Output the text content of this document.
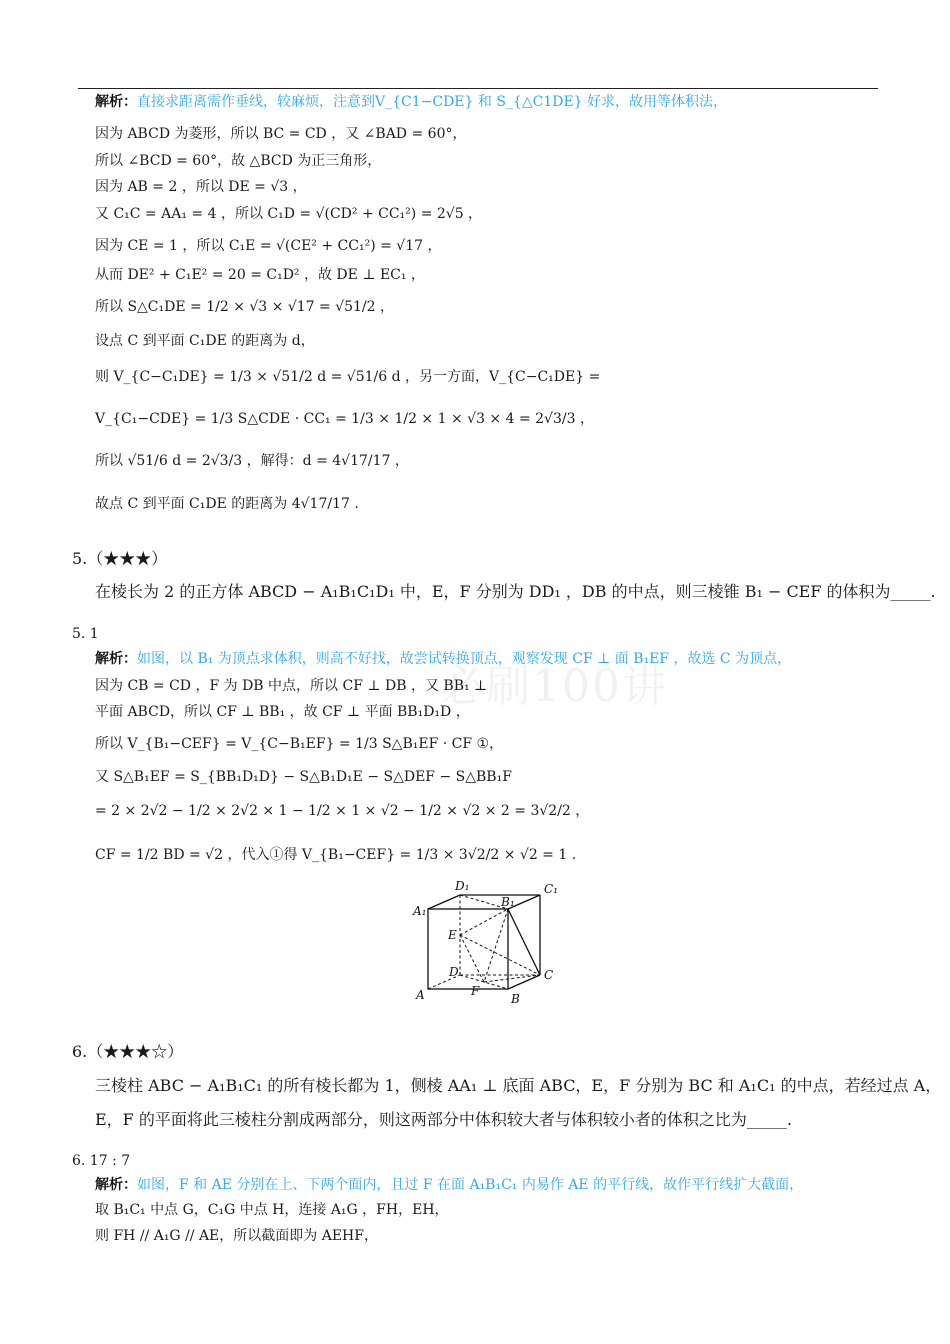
必刷100讲
解析：直接求距离需作垂线，较麻烦，注意到V_{C1−CDE} 和 S_{△C1DE} 好求，故用等体积法，
因为 ABCD 为菱形，所以 BC = CD ，又 ∠BAD = 60°，
所以 ∠BCD = 60°，故 △BCD 为正三角形，
因为 AB = 2 ，所以 DE = √3 ，
又 C₁C = AA₁ = 4 ，所以 C₁D = √(CD² + CC₁²) = 2√5 ，
因为 CE = 1 ，所以 C₁E = √(CE² + CC₁²) = √17 ，
从而 DE² + C₁E² = 20 = C₁D² ，故 DE ⊥ EC₁ ，
所以 S△C₁DE = 1/2 × √3 × √17 = √51/2 ，
设点 C 到平面 C₁DE 的距离为 d，
则 V_{C−C₁DE} = 1/3 × √51/2 d = √51/6 d ，另一方面，V_{C−C₁DE} =
V_{C₁−CDE} = 1/3 S△CDE · CC₁ = 1/3 × 1/2 × 1 × √3 × 4 = 2√3/3 ，
所以 √51/6 d = 2√3/3 ，解得：d = 4√17/17 ，
故点 C 到平面 C₁DE 的距离为 4√17/17 .
5.（★★★）
在棱长为 2 的正方体 ABCD − A₁B₁C₁D₁ 中，E，F 分别为 DD₁ ，DB 的中点，则三棱锥 B₁ − CEF 的体积为_____.
5. 1
解析：如图，以 B₁ 为顶点求体积，则高不好找，故尝试转换顶点，观察发现 CF ⊥ 面 B₁EF ，故选 C 为顶点，
因为 CB = CD ，F 为 DB 中点，所以 CF ⊥ DB ，又 BB₁ ⊥
平面 ABCD，所以 CF ⊥ BB₁ ，故 CF ⊥ 平面 BB₁D₁D ，
所以 V_{B₁−CEF} = V_{C−B₁EF} = 1/3 S△B₁EF · CF ①，
又 S△B₁EF = S_{BB₁D₁D} − S△B₁D₁E − S△DEF − S△BB₁F
= 2 × 2√2 − 1/2 × 2√2 × 1 − 1/2 × 1 × √2 − 1/2 × √2 × 2 = 3√2/2 ，
CF = 1/2 BD = √2 ，代入①得 V_{B₁−CEF} = 1/3 × 3√2/2 × √2 = 1 .
D₁	C₁
B₁
A₁
E
D	C
F
A	B
6.（★★★☆）
三棱柱 ABC − A₁B₁C₁ 的所有棱长都为 1，侧棱 AA₁ ⊥ 底面 ABC，E，F 分别为 BC 和 A₁C₁ 的中点，若经过点 A，
E，F 的平面将此三棱柱分割成两部分，则这两部分中体积较大者与体积较小者的体积之比为_____.
6. 17 : 7
解析：如图，F 和 AE 分别在上、下两个面内，且过 F 在面 A₁B₁C₁ 内易作 AE 的平行线，故作平行线扩大截面，
取 B₁C₁ 中点 G，C₁G 中点 H，连接 A₁G ，FH，EH，
则 FH // A₁G // AE，所以截面即为 AEHF，
